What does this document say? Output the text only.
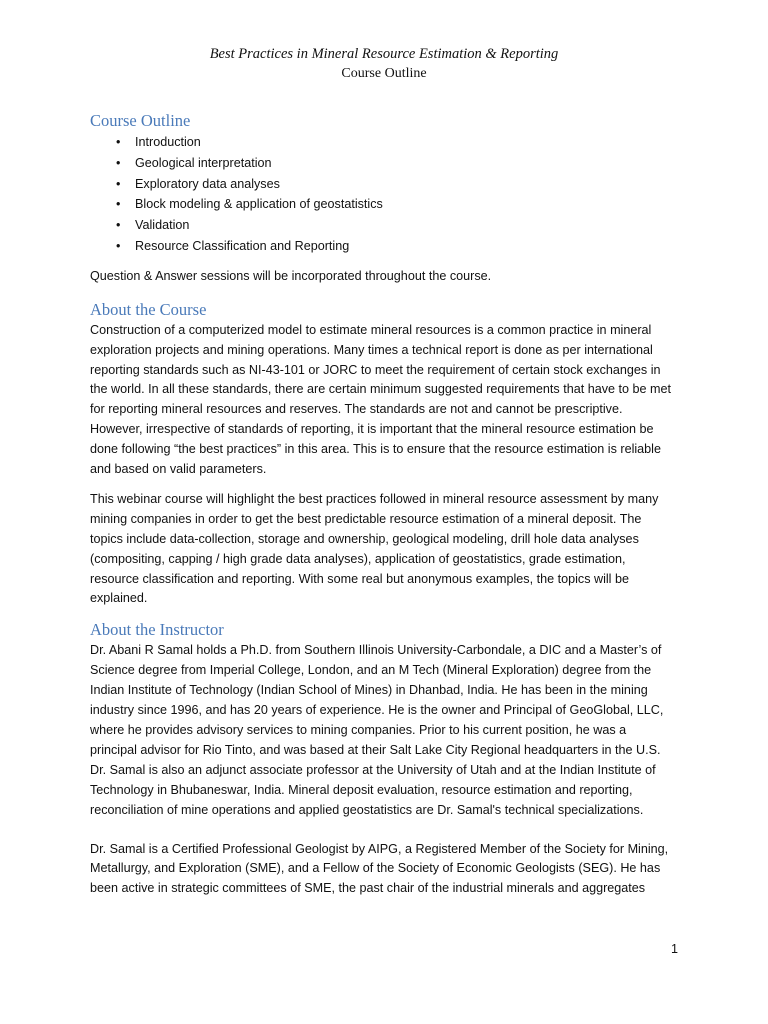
Best Practices in Mineral Resource Estimation & Reporting

Course Outline

Course Outline
• Introduction
• Geological interpretation
• Exploratory data analyses
• Block modeling & application of geostatistics
• Validation
• Resource Classification and Reporting

Question & Answer sessions will be incorporated throughout the course.

About the Course

Construction of a computerized model to estimate mineral resources is a common practice in mineral exploration projects and mining operations. Many times a technical report is done as per international reporting standards such as NI-43-101 or JORC to meet the requirement of certain stock exchanges in the world. In all these standards, there are certain minimum suggested requirements that have to be met for reporting mineral resources and reserves. The standards are not and cannot be prescriptive. However, irrespective of standards of reporting, it is important that the mineral resource estimation be done following “the best practices” in this area. This is to ensure that the resource estimation is reliable and based on valid parameters.

This webinar course will highlight the best practices followed in mineral resource assessment by many mining companies in order to get the best predictable resource estimation of a mineral deposit. The topics include data-collection, storage and ownership, geological modeling, drill hole data analyses (compositing, capping / high grade data analyses), application of geostatistics, grade estimation, resource classification and reporting. With some real but anonymous examples, the topics will be explained.

About the Instructor

Dr. Abani R Samal holds a Ph.D. from Southern Illinois University-Carbondale, a DIC and a Master’s of Science degree from Imperial College, London, and an M Tech (Mineral Exploration) degree from the Indian Institute of Technology (Indian School of Mines) in Dhanbad, India. He has been in the mining industry since 1996, and has 20 years of experience. He is the owner and Principal of GeoGlobal, LLC, where he provides advisory services to mining companies. Prior to his current position, he was a principal advisor for Rio Tinto, and was based at their Salt Lake City Regional headquarters in the U.S. Dr. Samal is also an adjunct associate professor at the University of Utah and at the Indian Institute of Technology in Bhubaneswar, India. Mineral deposit evaluation, resource estimation and reporting, reconciliation of mine operations and applied geostatistics are Dr. Samal's technical specializations.

Dr. Samal is a Certified Professional Geologist by AIPG, a Registered Member of the Society for Mining, Metallurgy, and Exploration (SME), and a Fellow of the Society of Economic Geologists (SEG). He has been active in strategic committees of SME, the past chair of the industrial minerals and aggregates

1
